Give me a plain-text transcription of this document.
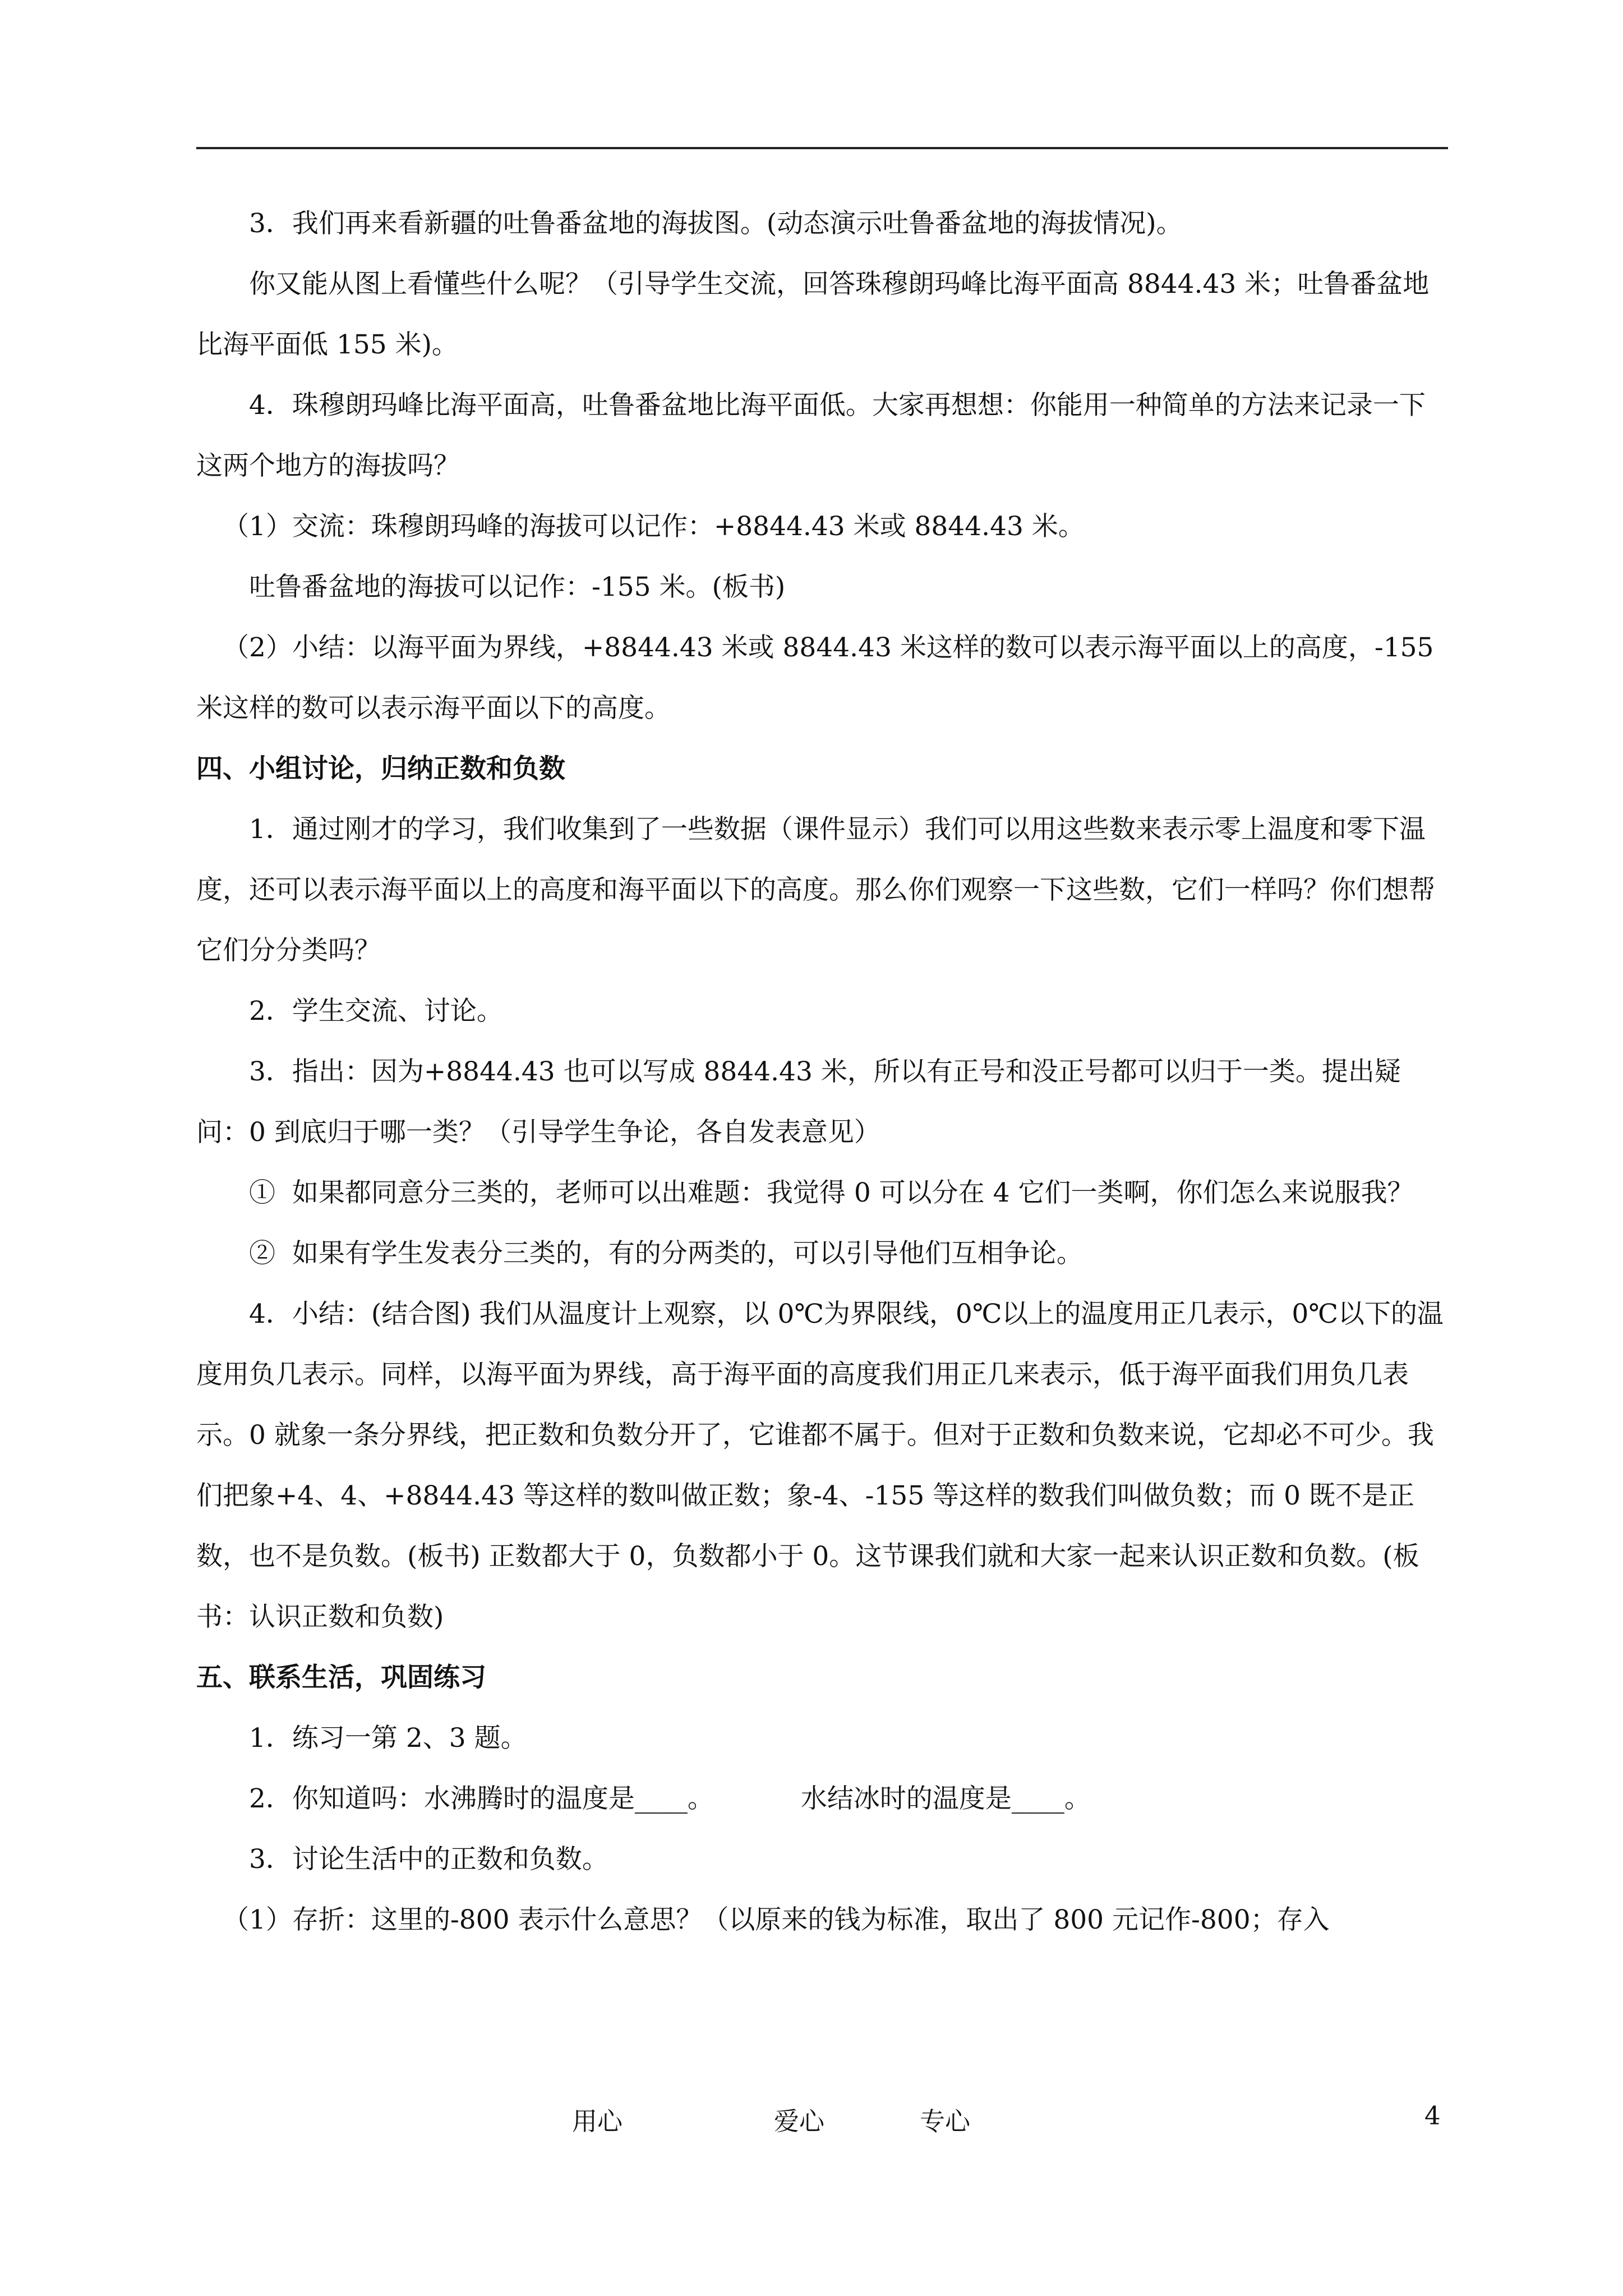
3．我们再来看新疆的吐鲁番盆地的海拔图。(动态演示吐鲁番盆地的海拔情况)。

你又能从图上看懂些什么呢？（引导学生交流，回答珠穆朗玛峰比海平面高 8844.43 米；吐鲁番盆地比海平面低 155 米)。

4．珠穆朗玛峰比海平面高，吐鲁番盆地比海平面低。大家再想想：你能用一种简单的方法来记录一下这两个地方的海拔吗？

（1）交流：珠穆朗玛峰的海拔可以记作：+8844.43 米或 8844.43 米。

吐鲁番盆地的海拔可以记作：-155 米。(板书)

（2）小结：以海平面为界线，+8844.43 米或 8844.43 米这样的数可以表示海平面以上的高度，-155 米这样的数可以表示海平面以下的高度。

四、小组讨论，归纳正数和负数

1．通过刚才的学习，我们收集到了一些数据（课件显示）我们可以用这些数来表示零上温度和零下温度，还可以表示海平面以上的高度和海平面以下的高度。那么你们观察一下这些数，它们一样吗？你们想帮它们分分类吗？

2．学生交流、讨论。

3．指出：因为+8844.43 也可以写成 8844.43 米，所以有正号和没正号都可以归于一类。提出疑问：0 到底归于哪一类？（引导学生争论，各自发表意见）

①  如果都同意分三类的，老师可以出难题：我觉得 0 可以分在 4 它们一类啊，你们怎么来说服我？

②  如果有学生发表分三类的，有的分两类的，可以引导他们互相争论。

4．小结：(结合图) 我们从温度计上观察，以 0℃为界限线，0℃以上的温度用正几表示，0℃以下的温度用负几表示。同样，以海平面为界线，高于海平面的高度我们用正几来表示，低于海平面我们用负几表示。0 就象一条分界线，把正数和负数分开了，它谁都不属于。但对于正数和负数来说，它却必不可少。我们把象+4、4、+8844.43 等这样的数叫做正数；象-4、-155 等这样的数我们叫做负数；而 0 既不是正数，也不是负数。(板书) 正数都大于 0，负数都小于 0。这节课我们就和大家一起来认识正数和负数。(板书：认识正数和负数)

五、联系生活，巩固练习

1．练习一第 2、3 题。

2．你知道吗：水沸腾时的温度是____。	水结冰时的温度是____。

3．讨论生活中的正数和负数。

（1）存折：这里的-800 表示什么意思？（以原来的钱为标准，取出了 800 元记作-800；存入

用心	爱心	专心	4
